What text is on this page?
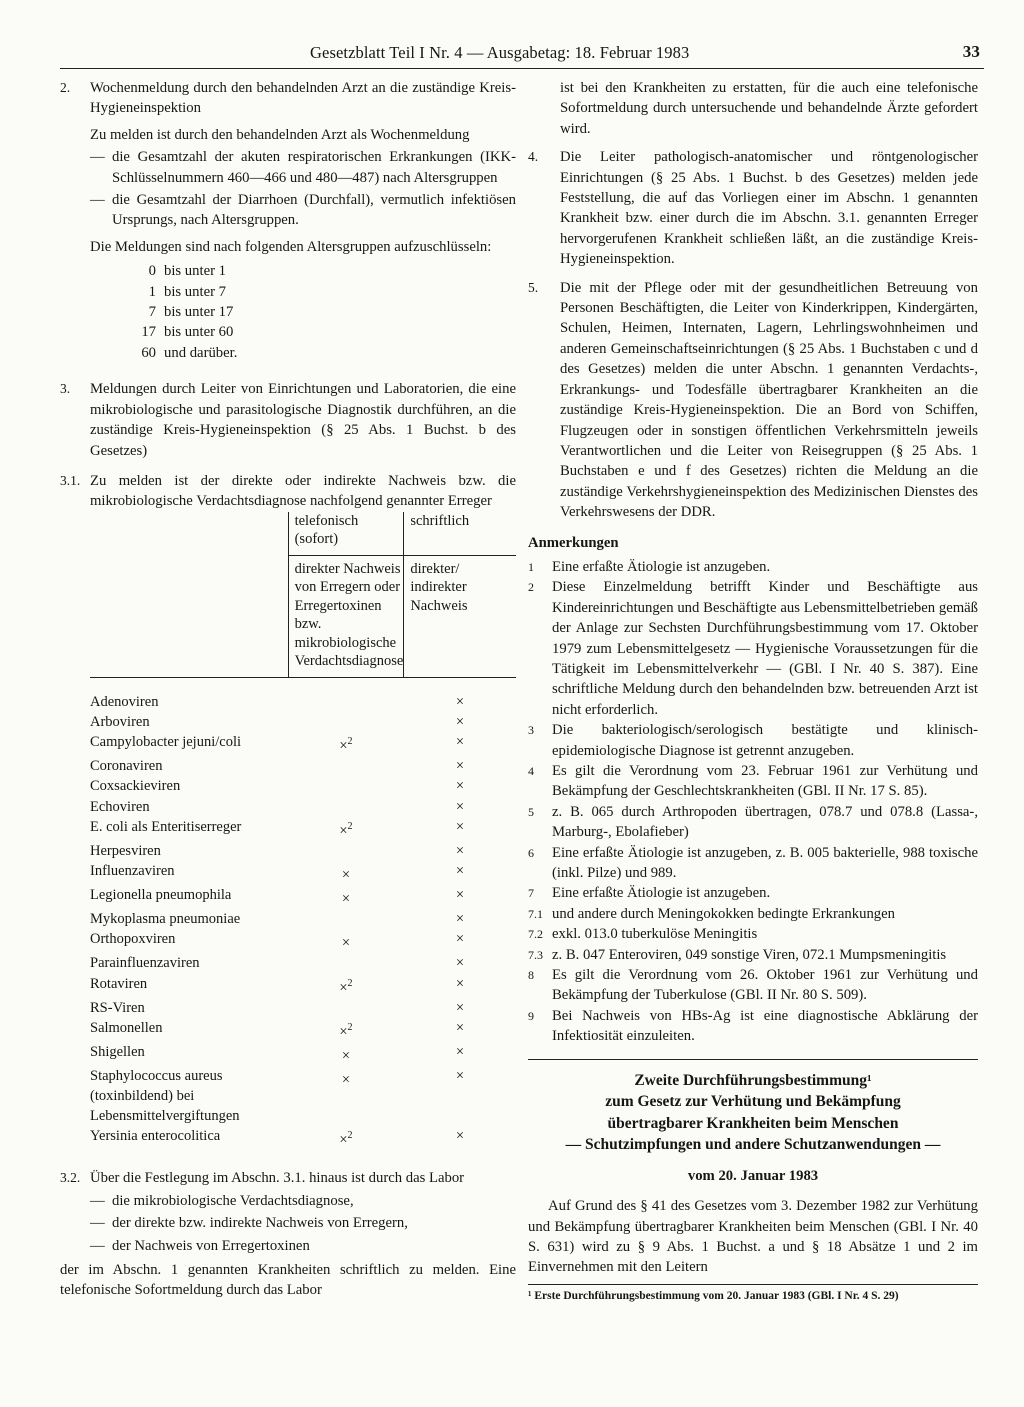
Gesetzblatt Teil I Nr. 4 — Ausgabetag: 18. Februar 1983	33
2.	Wochenmeldung durch den behandelnden Arzt an die zuständige Kreis-Hygieneinspektion

Zu melden ist durch den behandelnden Arzt als Wochenmeldung

— die Gesamtzahl der akuten respiratorischen Erkrankungen (IKK-Schlüsselnummern 460—466 und 480—487) nach Altersgruppen
— die Gesamtzahl der Diarrhoen (Durchfall), vermutlich infektiösen Ursprungs, nach Altersgruppen.

Die Meldungen sind nach folgenden Altersgruppen aufzuschlüsseln:

0 bis unter 1
1 bis unter 7
7 bis unter 17
17 bis unter 60
60 und darüber.
3.	Meldungen durch Leiter von Einrichtungen und Laboratorien, die eine mikrobiologische und parasitologische Diagnostik durchführen, an die zuständige Kreis-Hygieneinspektion (§ 25 Abs. 1 Buchst. b des Gesetzes)

3.1. Zu melden ist der direkte oder indirekte Nachweis bzw. die mikrobiologische Verdachtsdiagnose nachfolgend genannter Erreger

	telefonisch (sofort)	schriftlich
	direkter Nachweis von Erregern oder Erregertoxinen bzw. mikrobiologische Verdachtsdiagnose	direkter/ indirekter Nachweis

Adenoviren		×
Arboviren		×
Campylobacter jejuni/coli	×$^2$	×
Coronaviren		×
Coxsackieviren		×
Echoviren		×
E. coli als Enteritiserreger	×$^2$	×
Herpesviren		×
Influenzaviren	×	×
Legionella pneumophila	×	×
Mykoplasma pneumoniae		×
Orthopoxviren	×	×
Parainfluenzaviren		×
Rotaviren	×$^2$	×
RS-Viren		×
Salmonellen	×$^2$	×
Shigellen	×	×
Staphylococcus aureus (toxinbildend) bei Lebensmittelvergiftungen	×	×
Yersinia enterocolitica	×$^2$	×
3.2. Über die Festlegung im Abschn. 3.1. hinaus ist durch das Labor

— die mikrobiologische Verdachtsdiagnose,
— der direkte bzw. indirekte Nachweis von Erregern,
— der Nachweis von Erregertoxinen

der im Abschn. 1 genannten Krankheiten schriftlich zu melden. Eine telefonische Sofortmeldung durch das Labor

ist bei den Krankheiten zu erstatten, für die auch eine telefonische Sofortmeldung durch untersuchende und behandelnde Ärzte gefordert wird.

4.	Die Leiter pathologisch-anatomischer und röntgenologischer Einrichtungen (§ 25 Abs. 1 Buchst. b des Gesetzes) melden jede Feststellung, die auf das Vorliegen einer im Abschn. 1 genannten Krankheit bzw. einer durch die im Abschn. 3.1. genannten Erreger hervorgerufenen Krankheit schließen läßt, an die zuständige Kreis-Hygieneinspektion.

5.	Die mit der Pflege oder mit der gesundheitlichen Betreuung von Personen Beschäftigten, die Leiter von Kinderkrippen, Kindergärten, Schulen, Heimen, Internaten, Lagern, Lehrlingswohnheimen und anderen Gemeinschaftseinrichtungen (§ 25 Abs. 1 Buchstaben c und d des Gesetzes) melden die unter Abschn. 1 genannten Verdachts-, Erkrankungs- und Todesfälle übertragbarer Krankheiten an die zuständige Kreis-Hygieneinspektion. Die an Bord von Schiffen, Flugzeugen oder in sonstigen öffentlichen Verkehrsmitteln jeweils Verantwortlichen und die Leiter von Reisegruppen (§ 25 Abs. 1 Buchstaben e und f des Gesetzes) richten die Meldung an die zuständige Verkehrshygieneinspektion des Medizinischen Dienstes des Verkehrswesens der DDR.

Anmerkungen
1	Eine erfaßte Ätiologie ist anzugeben.
2	Diese Einzelmeldung betrifft Kinder und Beschäftigte aus Kindereinrichtungen und Beschäftigte aus Lebensmittelbetrieben gemäß der Anlage zur Sechsten Durchführungsbestimmung vom 17. Oktober 1979 zum Lebensmittelgesetz — Hygienische Voraussetzungen für die Tätigkeit im Lebensmittelverkehr — (GBl. I Nr. 40 S. 387). Eine schriftliche Meldung durch den behandelnden bzw. betreuenden Arzt ist nicht erforderlich.
3	Die bakteriologisch/serologisch bestätigte und klinisch-epidemiologische Diagnose ist getrennt anzugeben.
4	Es gilt die Verordnung vom 23. Februar 1961 zur Verhütung und Bekämpfung der Geschlechtskrankheiten (GBl. II Nr. 17 S. 85).
5	z. B. 065 durch Arthropoden übertragen, 078.7 und 078.8 (Lassa-, Marburg-, Ebolafieber)
6	Eine erfaßte Ätiologie ist anzugeben, z. B. 005 bakterielle, 988 toxische (inkl. Pilze) und 989.
7	Eine erfaßte Ätiologie ist anzugeben.
7.1 und andere durch Meningokokken bedingte Erkrankungen
7.2 exkl. 013.0 tuberkulöse Meningitis
7.3 z. B. 047 Enteroviren, 049 sonstige Viren, 072.1 Mumpsmeningitis
8	Es gilt die Verordnung vom 26. Oktober 1961 zur Verhütung und Bekämpfung der Tuberkulose (GBl. II Nr. 80 S. 509).
9	Bei Nachweis von HBs-Ag ist eine diagnostische Abklärung der Infektiosität einzuleiten.
Zweite Durchführungsbestimmung¹
zum Gesetz zur Verhütung und Bekämpfung
übertragbarer Krankheiten beim Menschen
— Schutzimpfungen und andere Schutzanwendungen —
vom 20. Januar 1983

Auf Grund des § 41 des Gesetzes vom 3. Dezember 1982 zur Verhütung und Bekämpfung übertragbarer Krankheiten beim Menschen (GBl. I Nr. 40 S. 631) wird zu § 9 Abs. 1 Buchst. a und § 18 Absätze 1 und 2 im Einvernehmen mit den Leitern

¹ Erste Durchführungsbestimmung vom 20. Januar 1983 (GBl. I Nr. 4 S. 29)
